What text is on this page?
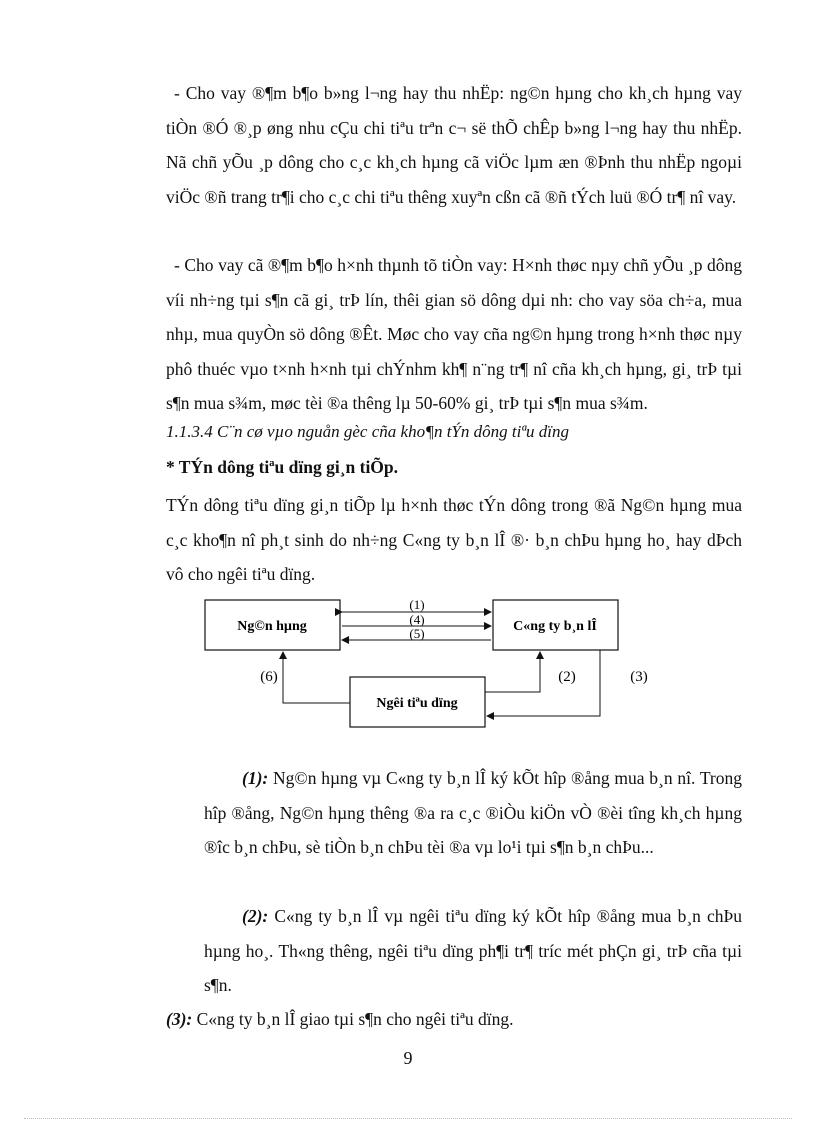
- Cho vay ®¶m b¶o b»ng l¬ng hay thu nhËp: ng©n hµng cho kh¸ch hµng vay tiÒn ®Ó ®¸p øng nhu cÇu chi tiªu trªn c¬ së thÕ chÊp b»ng l¬ng hay thu nhËp. Nã chñ yÕu ¸p dông cho c¸c kh¸ch hµng cã viÖc lµm æn ®Þnh thu nhËp ngoµi viÖc ®ñ trang tr¶i cho c¸c chi tiªu thêng xuyªn cßn cã ®ñ tÝch luü ®Ó tr¶ nî vay.

- Cho vay cã ®¶m b¶o h×nh thµnh tõ tiÒn vay: H×nh thøc nµy chñ yÕu ¸p dông víi nh÷ng tµi s¶n cã gi¸ trÞ lín, thêi gian sö dông dµi nh: cho vay söa ch÷a, mua nhµ, mua quyÒn sö dông ®Êt. Møc cho vay cña ng©n hµng trong h×nh thøc nµy phô thuéc vµo t×nh h×nh tµi chÝnhm kh¶ n¨ng tr¶ nî cña kh¸ch hµng, gi¸ trÞ tµi s¶n mua s¾m, møc tèi ®a thêng lµ 50-60% gi¸ trÞ tµi s¶n mua s¾m.

1.1.3.4 C¨n cø vµo nguån gèc cña kho¶n tÝn dông tiªu dïng

* TÝn dông tiªu dïng gi¸n tiÕp.

TÝn dông tiªu dïng gi¸n tiÕp lµ h×nh thøc tÝn dông trong ®ã Ng©n hµng mua c¸c kho¶n nî ph¸t sinh do nh÷ng C«ng ty b¸n lÎ ®· b¸n chÞu hµng ho¸ hay dÞch vô cho ngêi tiªu dïng.

Ng©n hµng	C«ng ty b¸n lÎ
Ngêi tiªu dïng
(1)
(4)
(5)
(6)	(2)	(3)

(1): Ng©n hµng vµ C«ng ty b¸n lÎ ký kÕt hîp ®ång mua b¸n nî. Trong hîp ®ång, Ng©n hµng thêng ®a ra c¸c ®iÒu kiÖn vÒ ®èi tîng kh¸ch hµng ®îc b¸n chÞu, sè tiÒn b¸n chÞu tèi ®a vµ lo¹i tµi s¶n b¸n chÞu...

(2): C«ng ty b¸n lÎ vµ ngêi tiªu dïng ký kÕt hîp ®ång mua b¸n chÞu hµng ho¸. Th«ng thêng, ngêi tiªu dïng ph¶i tr¶ tríc mét phÇn gi¸ trÞ cña tµi s¶n.

(3): C«ng ty b¸n lÎ giao tµi s¶n cho ngêi tiªu dïng.

9
